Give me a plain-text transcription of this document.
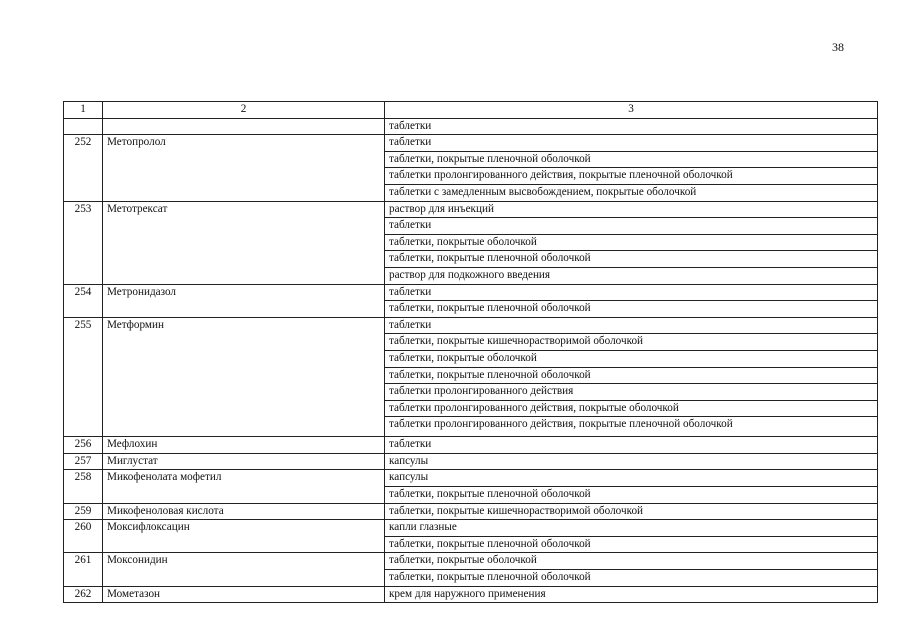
38
1	2	3
		таблетки
252	Метопролол	таблетки
		таблетки, покрытые пленочной оболочкой
		таблетки пролонгированного действия, покрытые пленочной оболочкой
		таблетки с замедленным высвобождением, покрытые оболочкой
253	Метотрексат	раствор для инъекций
		таблетки
		таблетки, покрытые оболочкой
		таблетки, покрытые пленочной оболочкой
		раствор для подкожного введения
254	Метронидазол	таблетки
		таблетки, покрытые пленочной оболочкой
255	Метформин	таблетки
		таблетки, покрытые кишечнорастворимой оболочкой
		таблетки, покрытые оболочкой
		таблетки, покрытые пленочной оболочкой
		таблетки пролонгированного действия
		таблетки пролонгированного действия, покрытые оболочкой
		таблетки пролонгированного действия, покрытые пленочной оболочкой
256	Мефлохин	таблетки
257	Миглустат	капсулы
258	Микофенолата мофетил	капсулы
		таблетки, покрытые пленочной оболочкой
259	Микофеноловая кислота	таблетки, покрытые кишечнорастворимой оболочкой
260	Моксифлоксацин	капли глазные
		таблетки, покрытые пленочной оболочкой
261	Моксонидин	таблетки, покрытые оболочкой
		таблетки, покрытые пленочной оболочкой
262	Мометазон	крем для наружного применения
